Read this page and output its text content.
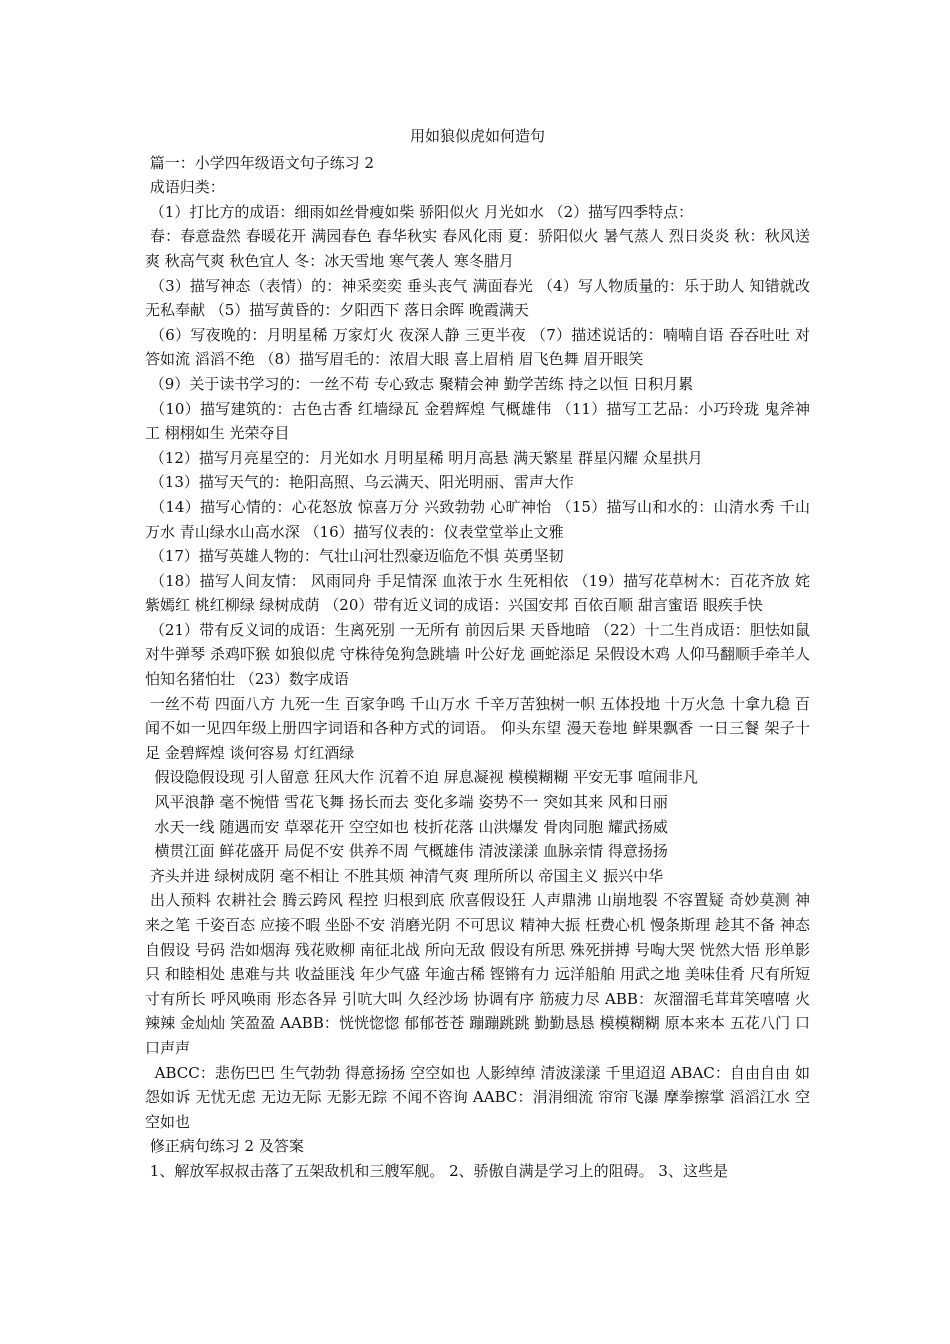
用如狼似虎如何造句

篇一：小学四年级语文句子练习 2

成语归类：

（1）打比方的成语：细雨如丝骨瘦如柴 骄阳似火 月光如水 （2）描写四季特点：

春：春意盎然 春暖花开 满园春色 春华秋实 春风化雨 夏：骄阳似火 暑气蒸人 烈日炎炎 秋：秋风送爽 秋高气爽 秋色宜人 冬：冰天雪地 寒气袭人 寒冬腊月

（3）描写神态（表情）的：神采奕奕 垂头丧气 满面春光 （4）写人物质量的：乐于助人 知错就改 无私奉献 （5）描写黄昏的：夕阳西下 落日余晖 晚霞满天

（6）写夜晚的：月明星稀 万家灯火 夜深人静 三更半夜 （7）描述说话的：喃喃自语 吞吞吐吐 对答如流 滔滔不绝 （8）描写眉毛的：浓眉大眼 喜上眉梢 眉飞色舞 眉开眼笑

（9）关于读书学习的：一丝不苟 专心致志 聚精会神 勤学苦练 持之以恒 日积月累

（10）描写建筑的：古色古香 红墙绿瓦 金碧辉煌 气概雄伟 （11）描写工艺品：小巧玲珑 鬼斧神工 栩栩如生 光荣夺目

（12）描写月亮星空的：月光如水 月明星稀 明月高悬 满天繁星 群星闪耀 众星拱月

（13）描写天气的：艳阳高照、乌云满天、阳光明丽、雷声大作

（14）描写心情的：心花怒放 惊喜万分 兴致勃勃 心旷神怡 （15）描写山和水的：山清水秀 千山万水 青山绿水山高水深 （16）描写仪表的：仪表堂堂举止文雅

（17）描写英雄人物的：气壮山河壮烈豪迈临危不惧 英勇坚韧

（18）描写人间友情： 风雨同舟 手足情深 血浓于水 生死相依 （19）描写花草树木：百花齐放 姹紫嫣红 桃红柳绿 绿树成荫 （20）带有近义词的成语：兴国安邦 百依百顺 甜言蜜语 眼疾手快

（21）带有反义词的成语：生离死别 一无所有 前因后果 天昏地暗 （22）十二生肖成语：胆怯如鼠 对牛弹琴 杀鸡吓猴 如狼似虎 守株待兔狗急跳墙 叶公好龙 画蛇添足 呆假设木鸡 人仰马翻顺手牵羊人怕知名猪怕壮 （23）数字成语

一丝不苟 四面八方 九死一生 百家争鸣 千山万水 千辛万苦独树一帜 五体投地 十万火急 十拿九稳 百闻不如一见四年级上册四字词语和各种方式的词语。 仰头东望 漫天卷地 鲜果飘香 一日三餐 架子十足 金碧辉煌 谈何容易 灯红酒绿

假设隐假设现 引人留意 狂风大作 沉着不迫 屏息凝视 模模糊糊 平安无事 喧闹非凡

风平浪静 毫不惋惜 雪花飞舞 扬长而去 变化多端 姿势不一 突如其来 风和日丽

水天一线 随遇而安 草翠花开 空空如也 枝折花落 山洪爆发 骨肉同胞 耀武扬威

横贯江面 鲜花盛开 局促不安 供养不周 气概雄伟 清波漾漾 血脉亲情 得意扬扬

齐头并进 绿树成阴 毫不相让 不胜其烦 神清气爽 理所所以 帝国主义 振兴中华

出人预料 农耕社会 腾云跨风 程控 归根到底 欣喜假设狂 人声鼎沸 山崩地裂 不容置疑 奇妙莫测 神来之笔 千姿百态 应接不暇 坐卧不安 消磨光阴 不可思议 精神大振 枉费心机 慢条斯理 趁其不备 神态自假设 号码 浩如烟海 残花败柳 南征北战 所向无敌 假设有所思 殊死拼搏 号啕大哭 恍然大悟 形单影只 和睦相处 患难与共 收益匪浅 年少气盛 年逾古稀 铿锵有力 远洋船舶 用武之地 美味佳肴 尺有所短 寸有所长 呼风唤雨 形态各异 引吭大叫 久经沙场 协调有序 筋疲力尽 ABB：灰溜溜毛茸茸笑嘻嘻 火辣辣 金灿灿 笑盈盈 AABB：恍恍惚惚 郁郁苍苍 蹦蹦跳跳 勤勤恳恳 模模糊糊 原本来本 五花八门 口口声声

ABCC：悲伤巴巴 生气勃勃 得意扬扬 空空如也 人影绰绰 清波漾漾 千里迢迢 ABAC：自由自由 如怨如诉 无忧无虑 无边无际 无影无踪 不闻不咨询 AABC：涓涓细流 帘帘飞瀑 摩拳擦掌 滔滔江水 空空如也

修正病句练习 2 及答案

1、解放军叔叔击落了五架敌机和三艘军舰。 2、骄傲自满是学习上的阻碍。 3、这些是
